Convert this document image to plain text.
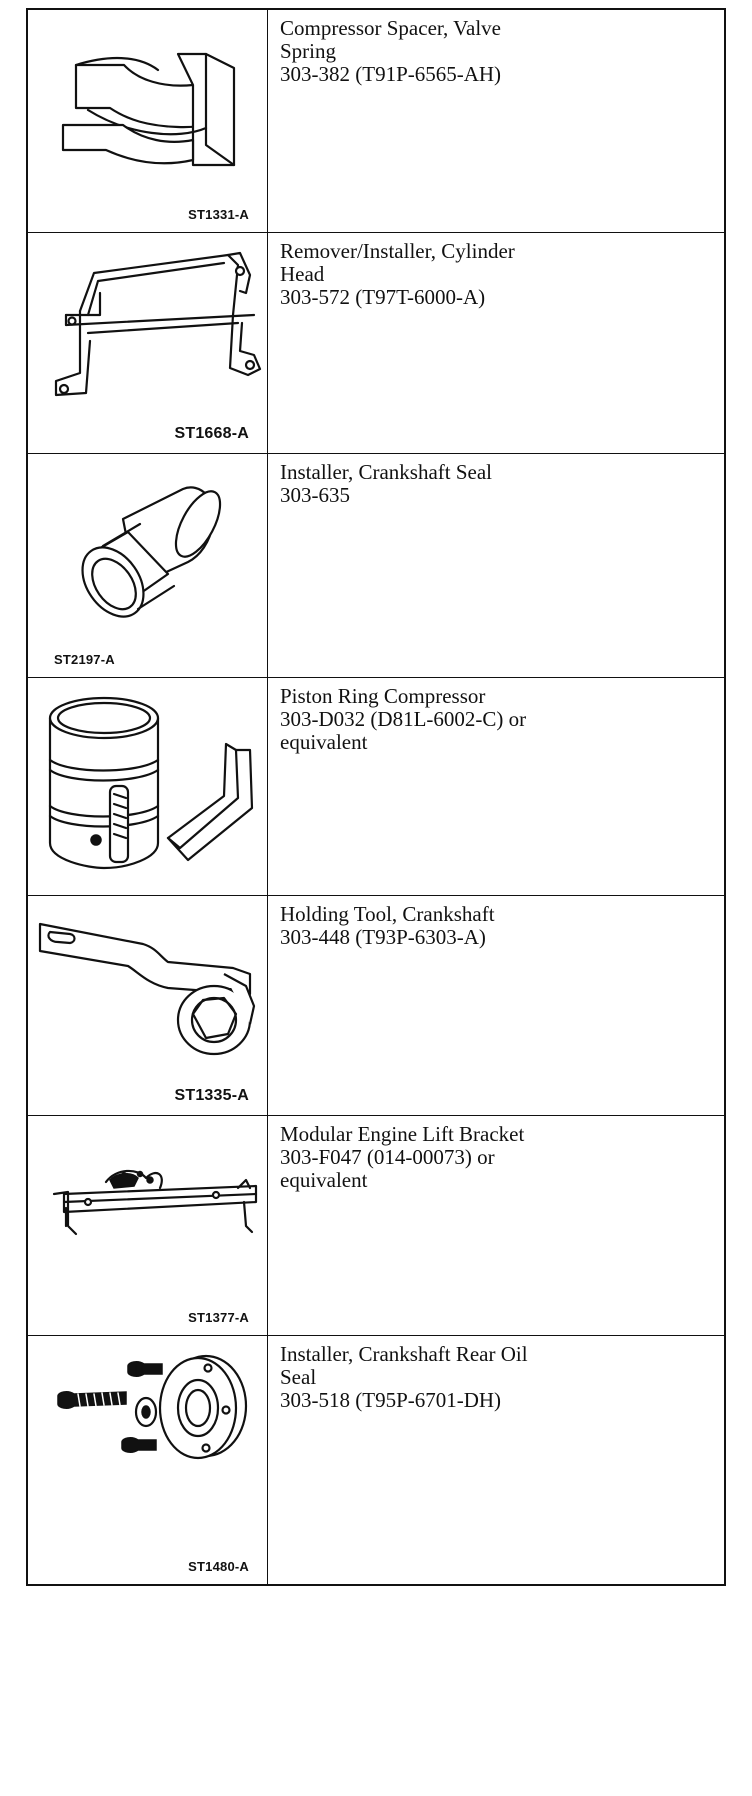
ST1331-A
Compressor Spacer, Valve
Spring
303-382 (T91P-6565-AH)
ST1668-A
Remover/Installer, Cylinder
Head
303-572 (T97T-6000-A)
ST2197-A
Installer, Crankshaft Seal
303-635
Piston Ring Compressor
303-D032 (D81L-6002-C) or
equivalent
ST1335-A
Holding Tool, Crankshaft
303-448 (T93P-6303-A)
ST1377-A
Modular Engine Lift Bracket
303-F047 (014-00073) or
equivalent
ST1480-A
Installer, Crankshaft Rear Oil
Seal
303-518 (T95P-6701-DH)
